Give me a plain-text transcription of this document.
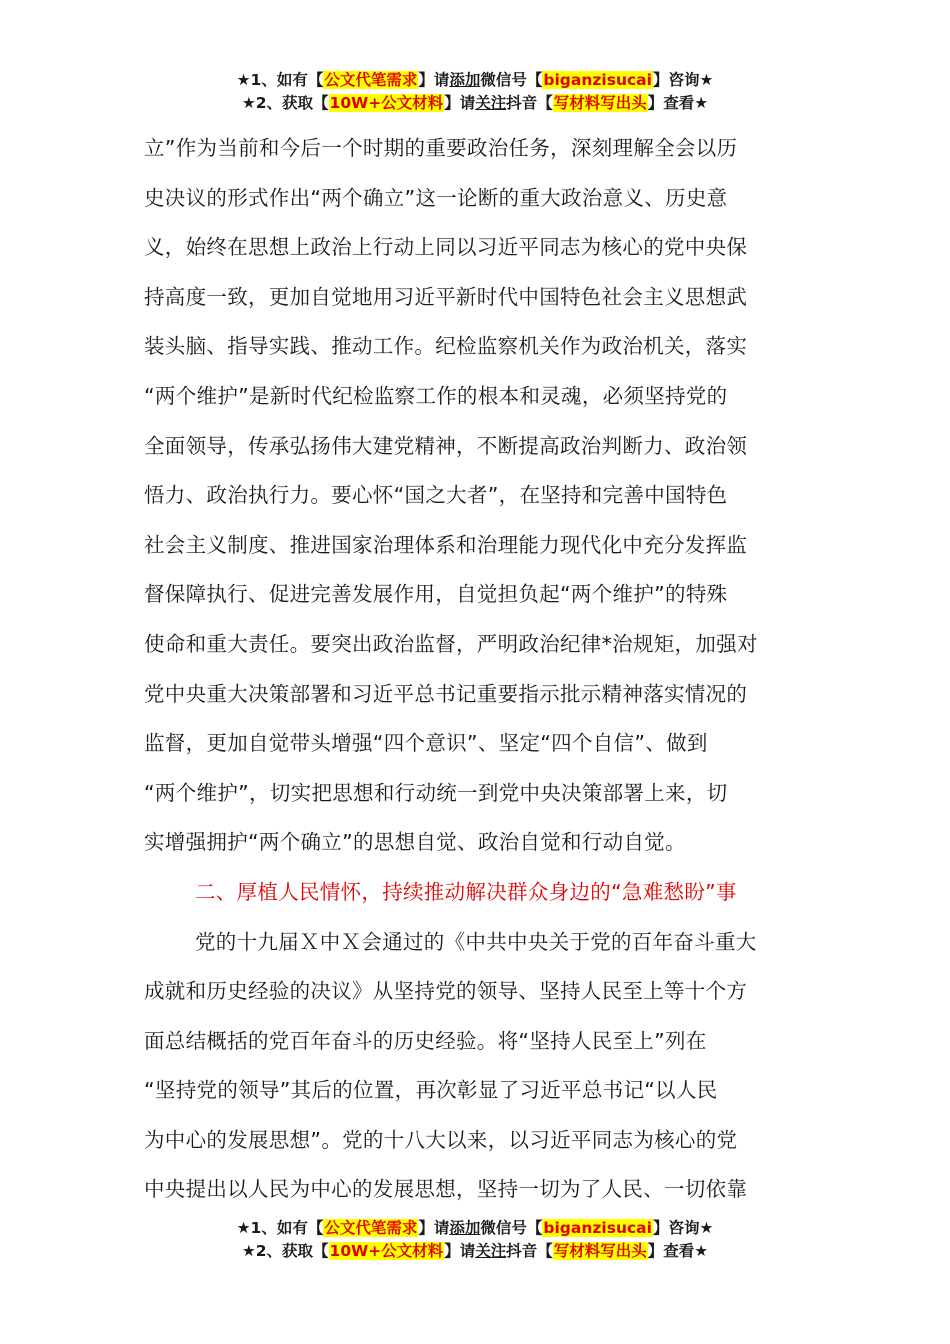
★1、如有【公文代笔需求】请添加微信号【biganzisucai】咨询★
★2、获取【10W+公文材料】请关注抖音【写材料写出头】查看★
立”作为当前和今后一个时期的重要政治任务，深刻理解全会以历
史决议的形式作出“两个确立”这一论断的重大政治意义、历史意
义，始终在思想上政治上行动上同以习近平同志为核心的党中央保
持高度一致，更加自觉地用习近平新时代中国特色社会主义思想武
装头脑、指导实践、推动工作。纪检监察机关作为政治机关，落实
“两个维护”是新时代纪检监察工作的根本和灵魂，必须坚持党的
全面领导，传承弘扬伟大建党精神，不断提高政治判断力、政治领
悟力、政治执行力。要心怀“国之大者”，在坚持和完善中国特色
社会主义制度、推进国家治理体系和治理能力现代化中充分发挥监
督保障执行、促进完善发展作用，自觉担负起“两个维护”的特殊
使命和重大责任。要突出政治监督，严明政治纪律*治规矩，加强对
党中央重大决策部署和习近平总书记重要指示批示精神落实情况的
监督，更加自觉带头增强“四个意识”、坚定“四个自信”、做到
“两个维护”，切实把思想和行动统一到党中央决策部署上来，切
实增强拥护“两个确立”的思想自觉、政治自觉和行动自觉。
二、厚植人民情怀，持续推动解决群众身边的“急难愁盼”事
党的十九届Ｘ中Ｘ会通过的《中共中央关于党的百年奋斗重大
成就和历史经验的决议》从坚持党的领导、坚持人民至上等十个方
面总结概括的党百年奋斗的历史经验。将“坚持人民至上”列在
“坚持党的领导”其后的位置，再次彰显了习近平总书记“以人民
为中心的发展思想”。党的十八大以来，以习近平同志为核心的党
中央提出以人民为中心的发展思想，坚持一切为了人民、一切依靠
★1、如有【公文代笔需求】请添加微信号【biganzisucai】咨询★
★2、获取【10W+公文材料】请关注抖音【写材料写出头】查看★
